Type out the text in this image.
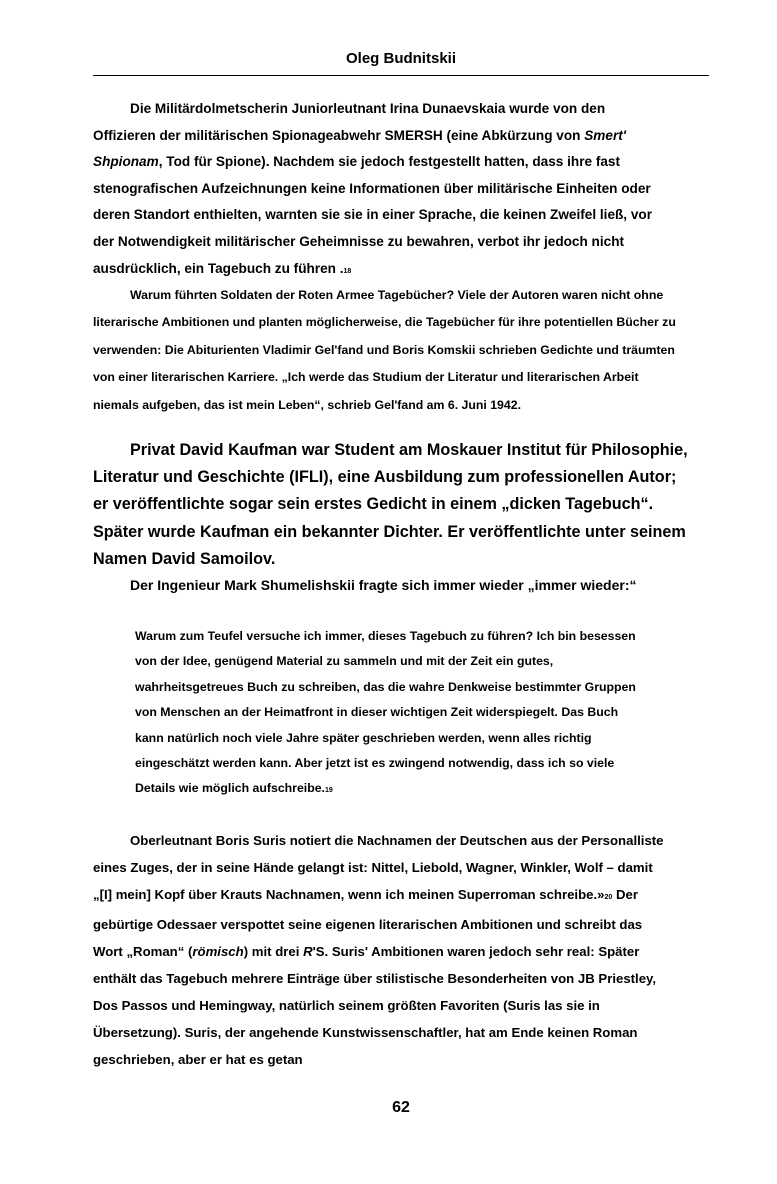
Oleg Budnitskii
Die Militärdolmetscherin Juniorleutnant Irina Dunaevskaia wurde von den
Offizieren der militärischen Spionageabwehr SMERSH (eine Abkürzung von Smert'
Shpionam, Tod für Spione). Nachdem sie jedoch festgestellt hatten, dass ihre fast
stenografischen Aufzeichnungen keine Informationen über militärische Einheiten oder
deren Standort enthielten, warnten sie sie in einer Sprache, die keinen Zweifel ließ, vor
der Notwendigkeit militärischer Geheimnisse zu bewahren, verbot ihr jedoch nicht
ausdrücklich, ein Tagebuch zu führen .18
Warum führten Soldaten der Roten Armee Tagebücher? Viele der Autoren waren nicht ohne
literarische Ambitionen und planten möglicherweise, die Tagebücher für ihre potentiellen Bücher zu
verwenden: Die Abiturienten Vladimir Gel'fand und Boris Komskii schrieben Gedichte und träumten
von einer literarischen Karriere. „Ich werde das Studium der Literatur und literarischen Arbeit
niemals aufgeben, das ist mein Leben“, schrieb Gel'fand am 6. Juni 1942.
Privat David Kaufman war Student am Moskauer Institut für Philosophie,
Literatur und Geschichte (IFLI), eine Ausbildung zum professionellen Autor;
er veröffentlichte sogar sein erstes Gedicht in einem „dicken Tagebuch“.
Später wurde Kaufman ein bekannter Dichter. Er veröffentlichte unter seinem
Namen David Samoilov.
Der Ingenieur Mark Shumelishskii fragte sich immer wieder „immer wieder:“
Warum zum Teufel versuche ich immer, dieses Tagebuch zu führen? Ich bin besessen
von der Idee, genügend Material zu sammeln und mit der Zeit ein gutes,
wahrheitsgetreues Buch zu schreiben, das die wahre Denkweise bestimmter Gruppen
von Menschen an der Heimatfront in dieser wichtigen Zeit widerspiegelt. Das Buch
kann natürlich noch viele Jahre später geschrieben werden, wenn alles richtig
eingeschätzt werden kann. Aber jetzt ist es zwingend notwendig, dass ich so viele
Details wie möglich aufschreibe.19
Oberleutnant Boris Suris notiert die Nachnamen der Deutschen aus der Personalliste
eines Zuges, der in seine Hände gelangt ist: Nittel, Liebold, Wagner, Winkler, Wolf – damit
„[I] mein] Kopf über Krauts Nachnamen, wenn ich meinen Superroman schreibe.»20 Der
gebürtige Odessaer verspottet seine eigenen literarischen Ambitionen und schreibt das
Wort „Roman“ (römisch) mit drei R'S. Suris' Ambitionen waren jedoch sehr real: Später
enthält das Tagebuch mehrere Einträge über stilistische Besonderheiten von JB Priestley,
Dos Passos und Hemingway, natürlich seinem größten Favoriten (Suris las sie in
Übersetzung). Suris, der angehende Kunstwissenschaftler, hat am Ende keinen Roman
geschrieben, aber er hat es getan
62
